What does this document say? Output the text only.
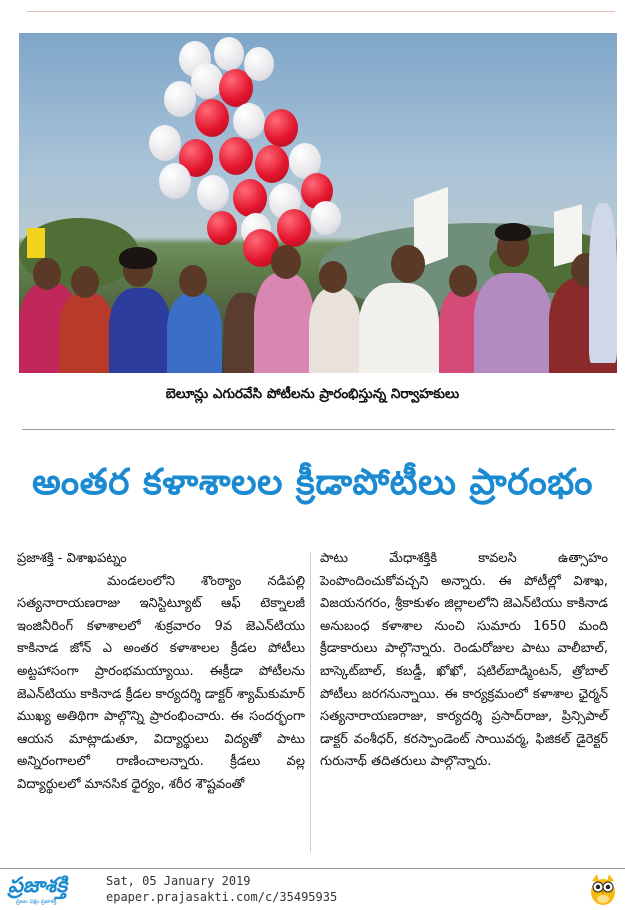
బెలూన్లు ఎగురవేసి పోటీలను ప్రారంభిస్తున్న నిర్వాహకులు
అంతర కళాశాలల క్రీడాపోటీలు ప్రారంభం
ప్రజాశక్తి - విశాఖపట్నం
మండలంలోని శొంఠ్యాం నడిపల్లి సత్యనారాయణరాజు ఇనిస్టిట్యూట్ ఆఫ్ టెక్నాలజీ ఇంజినీరింగ్ కళాశాలలో శుక్రవారం 9వ జెఎన్‌టియు కాకినాడ జోన్ ఎ అంతర కళాశాలల క్రీడల పోటీలు అట్టహాసంగా ప్రారంభమయ్యాయి. ఈక్రీడా పోటీలను జెఎన్‌టియు కాకినాడ క్రీడల కార్యదర్శి డాక్టర్ శ్యామ్‌కుమార్ ముఖ్య అతిథిగా పాల్గొన్ని ప్రారంభించారు. ఈ సందర్భంగా ఆయన మాట్లాడుతూ, విద్యార్థులు విద్యతో పాటు అన్నిరంగాలలో రాణించాలన్నారు. క్రీడలు వల్ల విద్యార్థులలో మానసిక ధైర్యం, శరీర శౌష్టవంతో
పాటు మేధాశక్తికి కావలసి ఉత్సాహం పెంపొందించుకోవచ్చని అన్నారు. ఈ పోటీల్లో విశాఖ, విజయనగరం, శ్రీకాకుళం జిల్లాలలోని జెఎన్‌టియు కాకినాడ అనుబంధ కళాశాల నుంచి సుమారు 1650 మంది క్రీడాకారులు పాల్గొన్నారు. రెండురోజుల పాటు వాలీబాల్, బాస్కెట్‌బాల్, కబడ్డీ, ఖోఖో, షటిల్‌బాడ్మింటన్, త్రోబాల్ పోటీలు జరగనున్నాయి. ఈ కార్యక్రమంలో కళాశాల ఛైర్మన్ సత్యనారాయణరాజు, కార్యదర్శి ప్రసాద్‌రాజు, ప్రిన్సిపాల్ డాక్టర్ వంశీధర్, కరస్పాండెంట్ సాయివర్మ, ఫిజికల్ డైరెక్టర్ గురునాథ్ తదితరులు పాల్గొన్నారు.
ప్రజాశక్తి
ప్రజల పక్షం ప్రజాశక్తి
Sat, 05 January 2019
epaper.prajasakti.com/c/35495935
